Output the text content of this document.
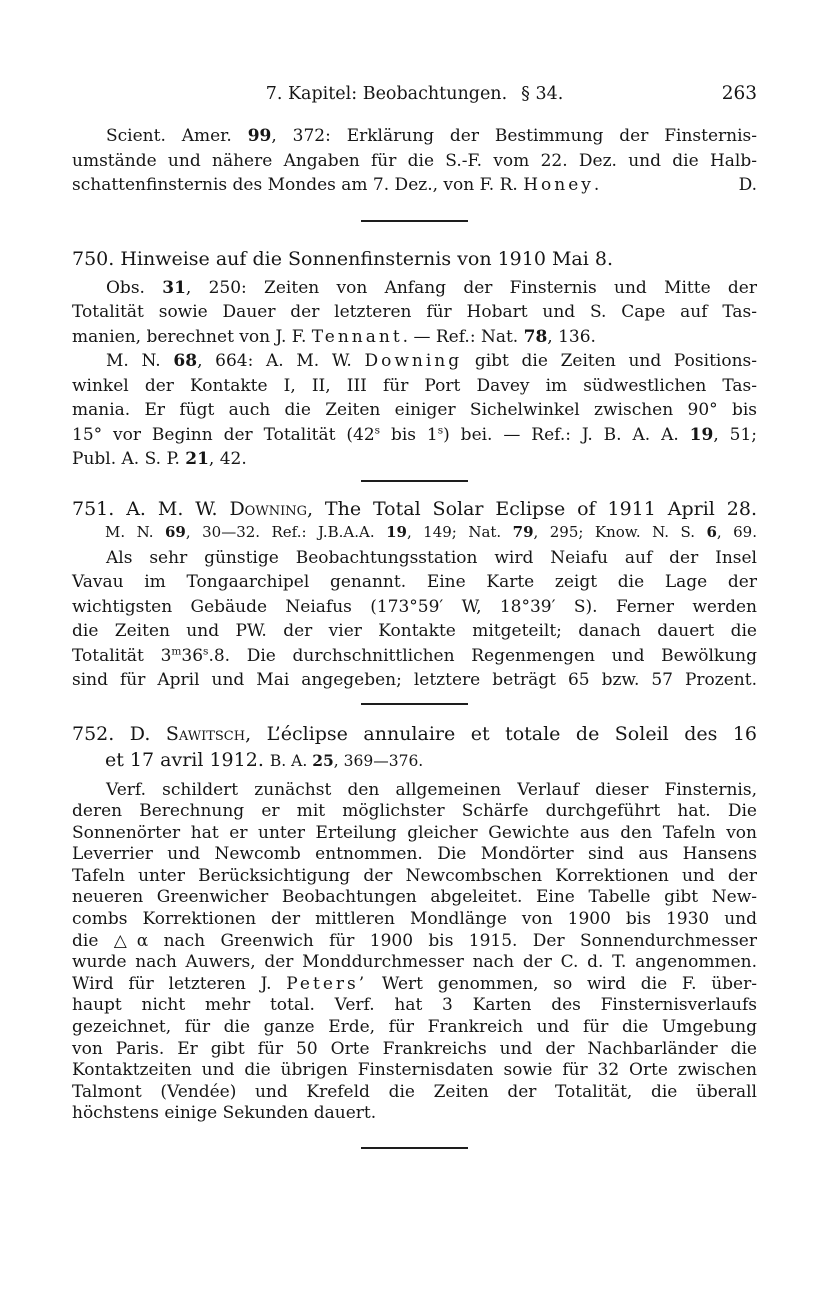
7. Kapitel: Beobachtungen. § 34.	263
Scient. Amer. 99, 372: Erklärung der Bestimmung der Finsternis-
umstände und nähere Angaben für die S.-F. vom 22. Dez. und die Halb-
D.
schattenfinsternis des Mondes am 7. Dez., von F. R. Honey.
750. Hinweise auf die Sonnenfinsternis von 1910 Mai 8.
Obs. 31, 250: Zeiten von Anfang der Finsternis und Mitte der
Totalität sowie Dauer der letzteren für Hobart und S. Cape auf Tas-
manien, berechnet von J. F. Tennant. — Ref.: Nat. 78, 136.
M. N. 68, 664: A. M. W. Downing gibt die Zeiten und Positions-
winkel der Kontakte I, II, III für Port Davey im südwestlichen Tas-
mania. Er fügt auch die Zeiten einiger Sichelwinkel zwischen 90° bis
15° vor Beginn der Totalität (42$^s$ bis 1$^s$) bei. — Ref.: J. B. A. A. 19, 51;
Publ. A. S. P. 21, 42.
751. A. M. W. Downing, The Total Solar Eclipse of 1911 April 28.
M. N. 69, 30—32. Ref.: J.B.A.A. 19, 149; Nat. 79, 295; Know. N. S. 6, 69.
Als sehr günstige Beobachtungsstation wird Neiafu auf der Insel
Vavau im Tongaarchipel genannt. Eine Karte zeigt die Lage der
wichtigsten Gebäude Neiafus (173°59′ W, 18°39′ S). Ferner werden
die Zeiten und PW. der vier Kontakte mitgeteilt; danach dauert die
Totalität 3$^m$36$^s$.8. Die durchschnittlichen Regenmengen und Bewölkung
sind für April und Mai angegeben; letztere beträgt 65 bzw. 57 Prozent.
752. D. Sawitsch, L’éclipse annulaire et totale de Soleil des 16
et 17 avril 1912. B. A. 25, 369—376.
Verf. schildert zunächst den allgemeinen Verlauf dieser Finsternis,
deren Berechnung er mit möglichster Schärfe durchgeführt hat. Die
Sonnenörter hat er unter Erteilung gleicher Gewichte aus den Tafeln von
Leverrier und Newcomb entnommen. Die Mondörter sind aus Hansens
Tafeln unter Berücksichtigung der Newcombschen Korrektionen und der
neueren Greenwicher Beobachtungen abgeleitet. Eine Tabelle gibt New-
combs Korrektionen der mittleren Mondlänge von 1900 bis 1930 und
die △α nach Greenwich für 1900 bis 1915. Der Sonnendurchmesser
wurde nach Auwers, der Monddurchmesser nach der C. d. T. angenommen.
Wird für letzteren J. Peters’ Wert genommen, so wird die F. über-
haupt nicht mehr total. Verf. hat 3 Karten des Finsternisverlaufs
gezeichnet, für die ganze Erde, für Frankreich und für die Umgebung
von Paris. Er gibt für 50 Orte Frankreichs und der Nachbarländer die
Kontaktzeiten und die übrigen Finsternisdaten sowie für 32 Orte zwischen
Talmont (Vendée) und Krefeld die Zeiten der Totalität, die überall
höchstens einige Sekunden dauert.
